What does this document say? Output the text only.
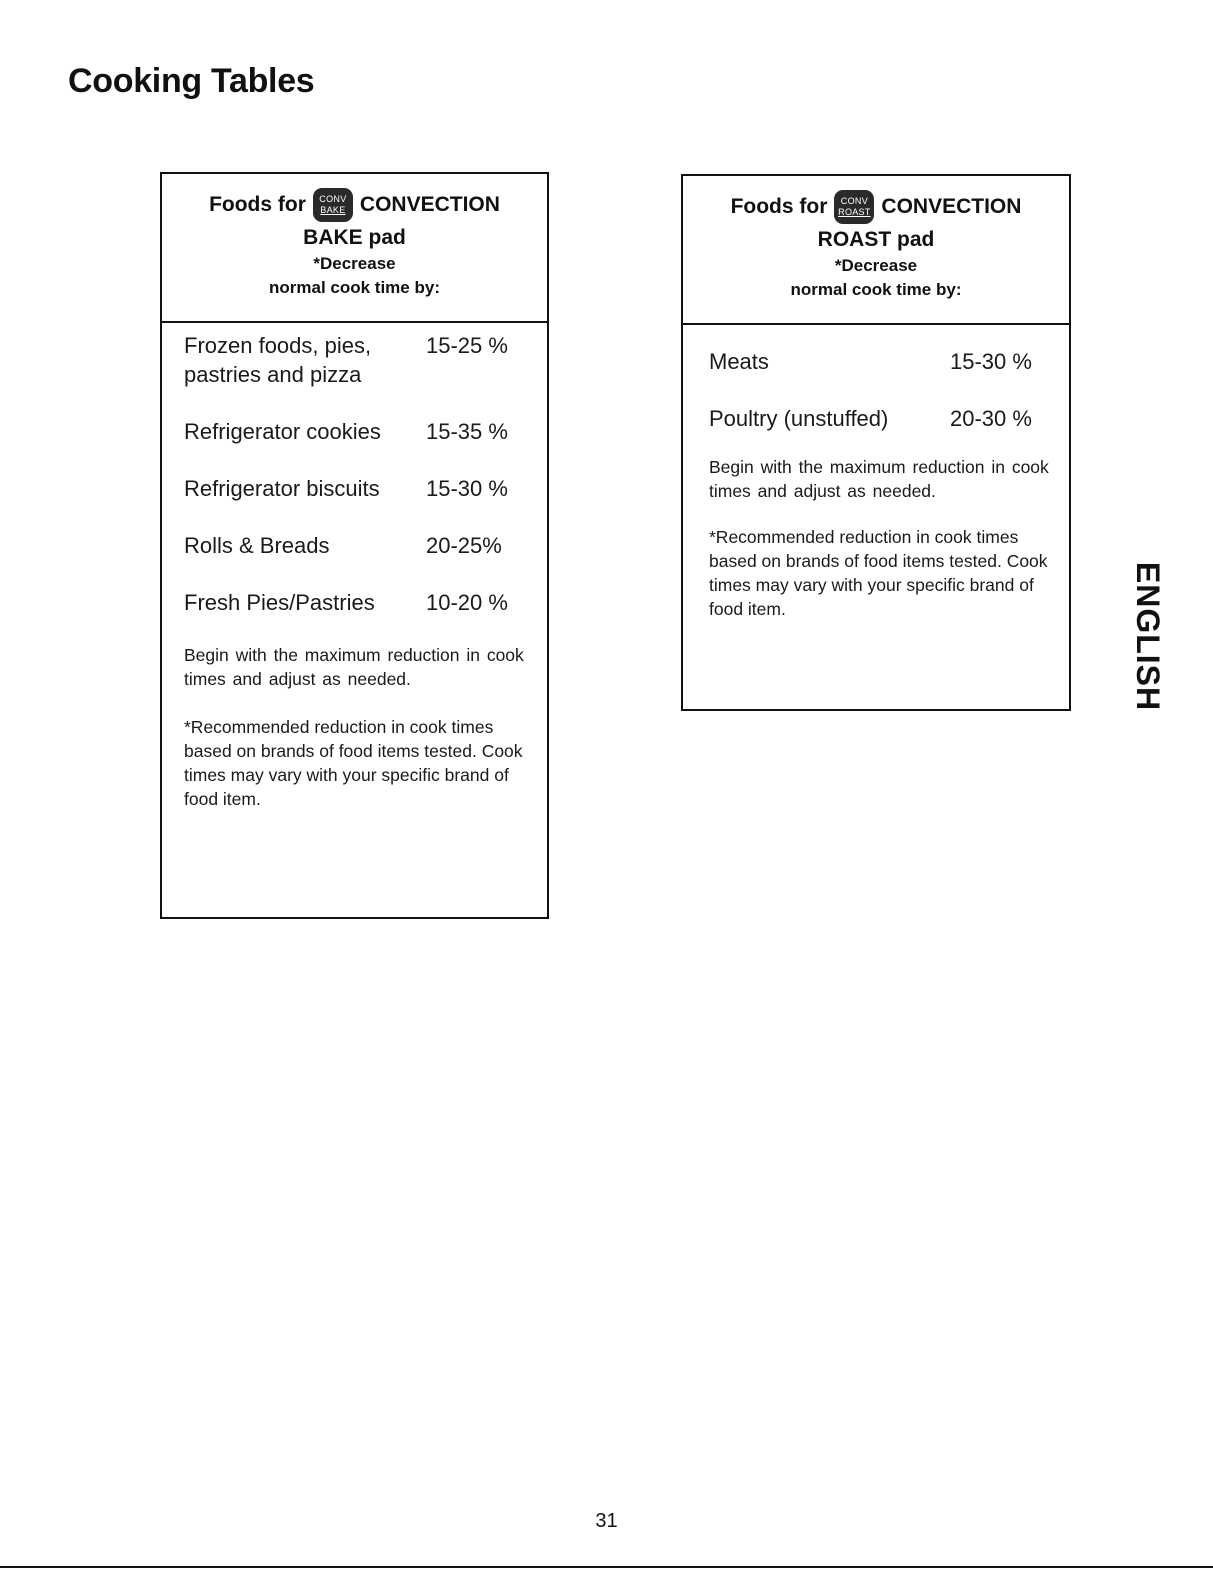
Cooking Tables
Foods for CONV
BAKE CONVECTION
BAKE pad
*Decrease
normal cook time by:
Frozen foods, pies, pastries and pizza
15-25 %
Refrigerator cookies	15-35 %
Refrigerator biscuits	15-30 %
Rolls & Breads	20-25%
Fresh Pies/Pastries	10-20 %

Begin with the maximum reduction in cook times and adjust as needed.

*Recommended reduction in cook times based on brands of food items tested. Cook times may vary with your specific brand of food item.

Foods for CONV
ROAST CONVECTION
ROAST pad
*Decrease
normal cook time by:
Meats	15-30 %
Poultry (unstuffed)	20-30 %

Begin with the maximum reduction in cook times and adjust as needed.

*Recommended reduction in cook times based on brands of food items tested. Cook times may vary with your specific brand of food item.	ENGLISH
31
